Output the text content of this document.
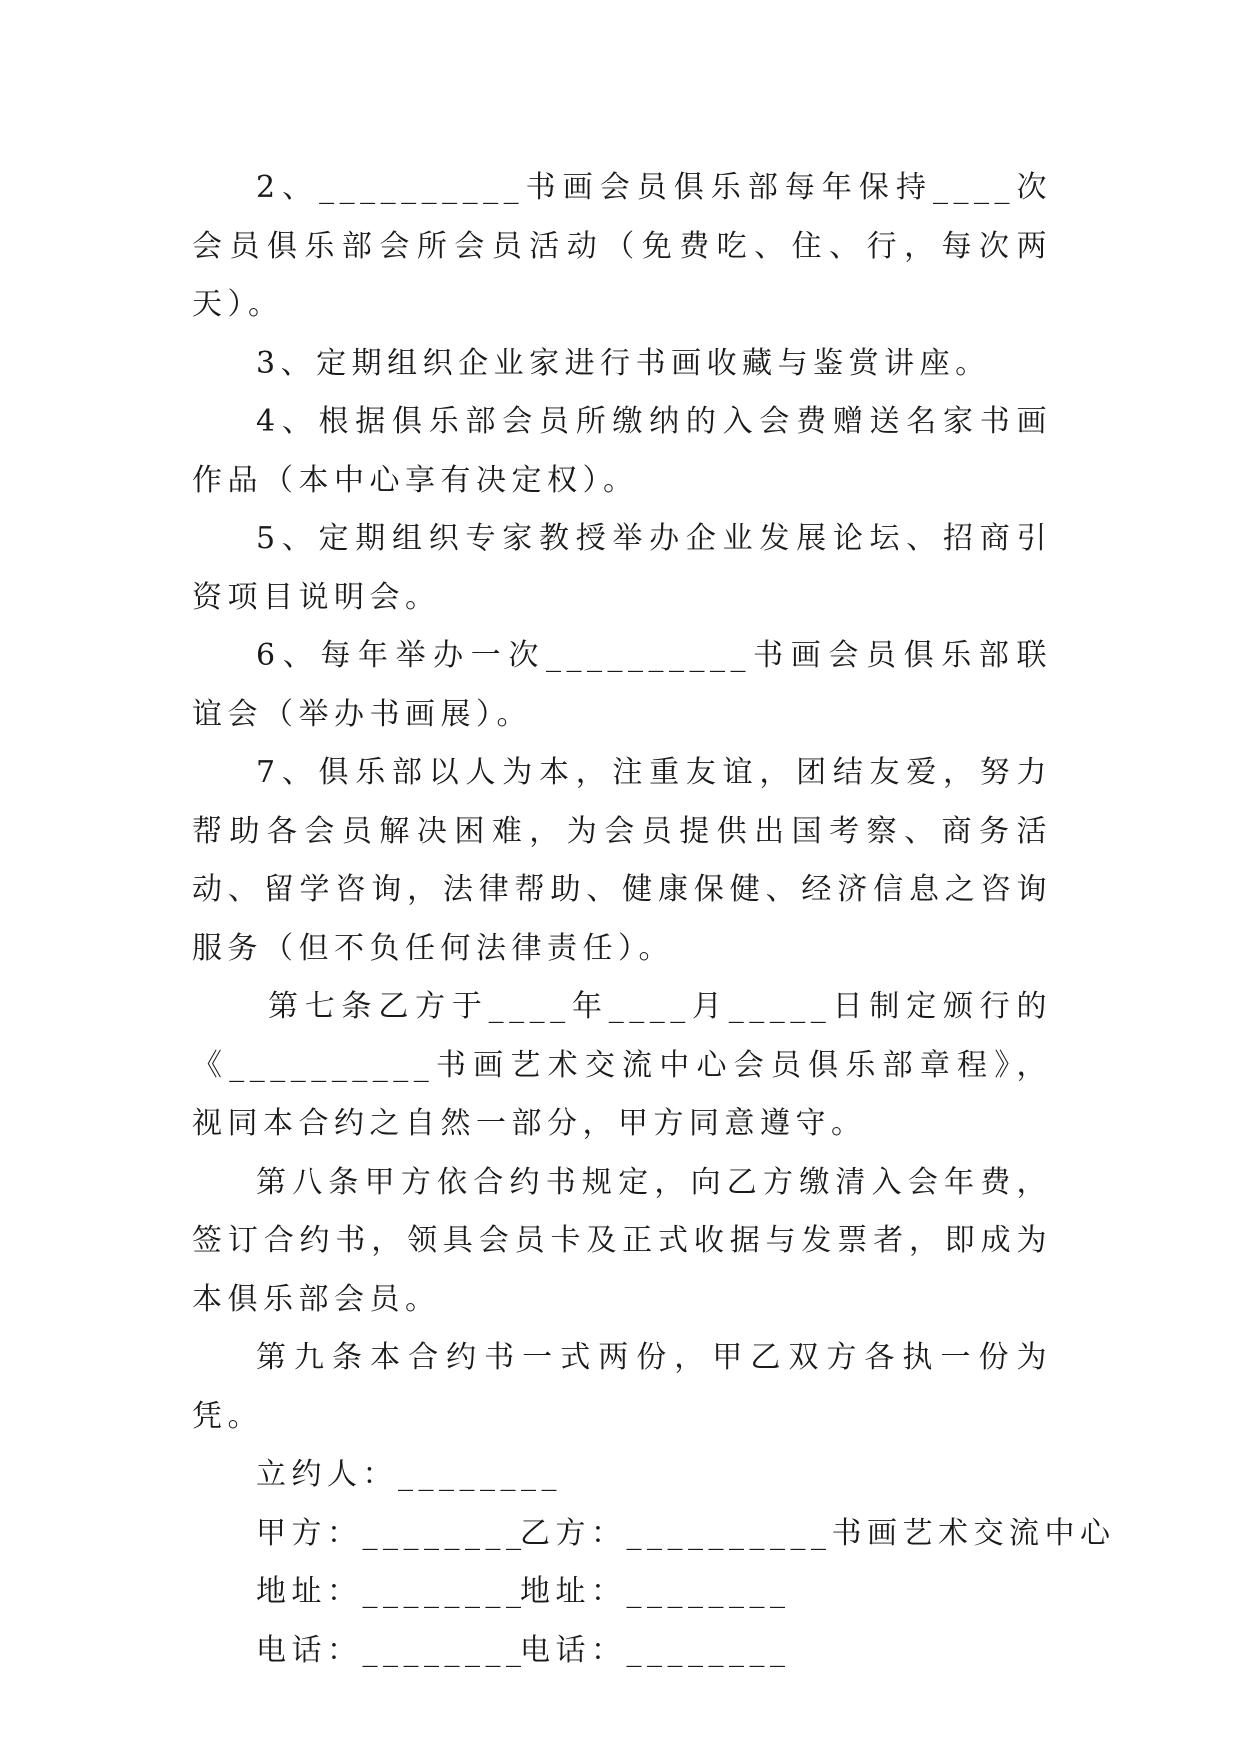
2、__________书画会员俱乐部每年保持____次会员俱乐部会所会员活动（免费吃、住、行，每次两天）。

3、定期组织企业家进行书画收藏与鉴赏讲座。

4、根据俱乐部会员所缴纳的入会费赠送名家书画作品（本中心享有决定权）。

5、定期组织专家教授举办企业发展论坛、招商引资项目说明会。

6、每年举办一次__________书画会员俱乐部联谊会（举办书画展）。

7、俱乐部以人为本，注重友谊，团结友爱，努力帮助各会员解决困难，为会员提供出国考察、商务活动、留学咨询，法律帮助、健康保健、经济信息之咨询服务（但不负任何法律责任）。

第七条乙方于____年____月_____日制定颁行的《__________书画艺术交流中心会员俱乐部章程》，视同本合约之自然一部分，甲方同意遵守。

第八条甲方依合约书规定，向乙方缴清入会年费，签订合约书，领具会员卡及正式收据与发票者，即成为本俱乐部会员。

第九条本合约书一式两份，甲乙双方各执一份为凭。

立约人：________

甲方：________
乙方：__________书画艺术交流中心
地址：________
地址：________
电话：________
电话：________
